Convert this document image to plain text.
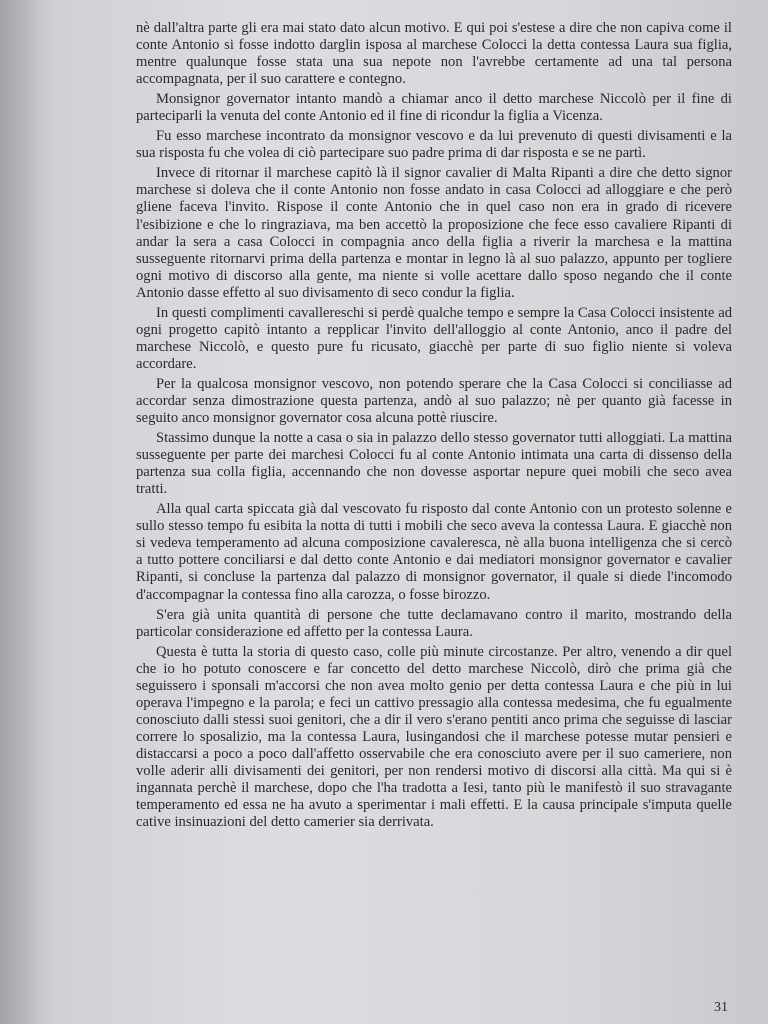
nè dall'altra parte gli era mai stato dato alcun motivo. E qui poi s'estese a dire che non capiva come il conte Antonio si fosse indotto darglin isposa al marchese Colocci la detta contessa Laura sua figlia, mentre qualunque fosse stata una sua nepote non l'avrebbe certamente ad una tal persona accompagnata, per il suo carattere e contegno.

Monsignor governator intanto mandò a chiamar anco il detto marchese Niccolò per il fine di parteciparli la venuta del conte Antonio ed il fine di ricondur la figlia a Vicenza.

Fu esso marchese incontrato da monsignor vescovo e da lui prevenuto di questi divisamenti e la sua risposta fu che volea di ciò partecipare suo padre prima di dar risposta e se ne partì.

Invece di ritornar il marchese capitò là il signor cavalier di Malta Ripanti a dire che detto signor marchese si doleva che il conte Antonio non fosse andato in casa Colocci ad alloggiare e che però gliene faceva l'invito. Rispose il conte Antonio che in quel caso non era in grado di ricevere l'esibizione e che lo ringraziava, ma ben accettò la proposizione che fece esso cavaliere Ripanti di andar la sera a casa Colocci in compagnia anco della figlia a riverir la marchesa e la mattina susseguente ritornarvi prima della partenza e montar in legno là al suo palazzo, appunto per togliere ogni motivo di discorso alla gente, ma niente si volle acettare dallo sposo negando che il conte Antonio dasse effetto al suo divisamento di seco condur la figlia.

In questi complimenti cavallereschi si perdè qualche tempo e sempre la Casa Colocci insistente ad ogni progetto capitò intanto a repplicar l'invito dell'alloggio al conte Antonio, anco il padre del marchese Niccolò, e questo pure fu ricusato, giacchè per parte di suo figlio niente si voleva accordare.

Per la qualcosa monsignor vescovo, non potendo sperare che la Casa Colocci si conciliasse ad accordar senza dimostrazione questa partenza, andò al suo palazzo; nè per quanto già facesse in seguito anco monsignor governator cosa alcuna pottè riuscire.

Stassimo dunque la notte a casa o sia in palazzo dello stesso governator tutti alloggiati. La mattina susseguente per parte dei marchesi Colocci fu al conte Antonio intimata una carta di dissenso della partenza sua colla figlia, accennando che non dovesse asportar nepure quei mobili che seco avea tratti.

Alla qual carta spiccata già dal vescovato fu risposto dal conte Antonio con un protesto solenne e sullo stesso tempo fu esibita la notta di tutti i mobili che seco aveva la contessa Laura. E giacchè non si vedeva temperamento ad alcuna composizione cavaleresca, nè alla buona intelligenza che si cercò a tutto pottere conciliarsi e dal detto conte Antonio e dai mediatori monsignor governator e cavalier Ripanti, si concluse la partenza dal palazzo di monsignor governator, il quale si diede l'incomodo d'accompagnar la contessa fino alla carozza, o fosse birozzo.

S'era già unita quantità di persone che tutte declamavano contro il marito, mostrando della particolar considerazione ed affetto per la contessa Laura.

Questa è tutta la storia di questo caso, colle più minute circostanze. Per altro, venendo a dir quel che io ho potuto conoscere e far concetto del detto marchese Niccolò, dirò che prima già che seguissero i sponsali m'accorsi che non avea molto genio per detta contessa Laura e che più in lui operava l'impegno e la parola; e feci un cattivo pressagio alla contessa medesima, che fu egualmente conosciuto dalli stessi suoi genitori, che a dir il vero s'erano pentiti anco prima che seguisse di lasciar correre lo sposalizio, ma la contessa Laura, lusingandosi che il marchese potesse mutar pensieri e distaccarsi a poco a poco dall'affetto osservabile che era conosciuto avere per il suo cameriere, non volle aderir alli divisamenti dei genitori, per non rendersi motivo di discorsi alla città. Ma qui si è ingannata perchè il marchese, dopo che l'ha tradotta a Iesi, tanto più le manifestò il suo stravagante temperamento ed essa ne ha avuto a sperimentar i mali effetti. E la causa principale s'imputa quelle cative insinuazioni del detto camerier sia derrivata.

31
